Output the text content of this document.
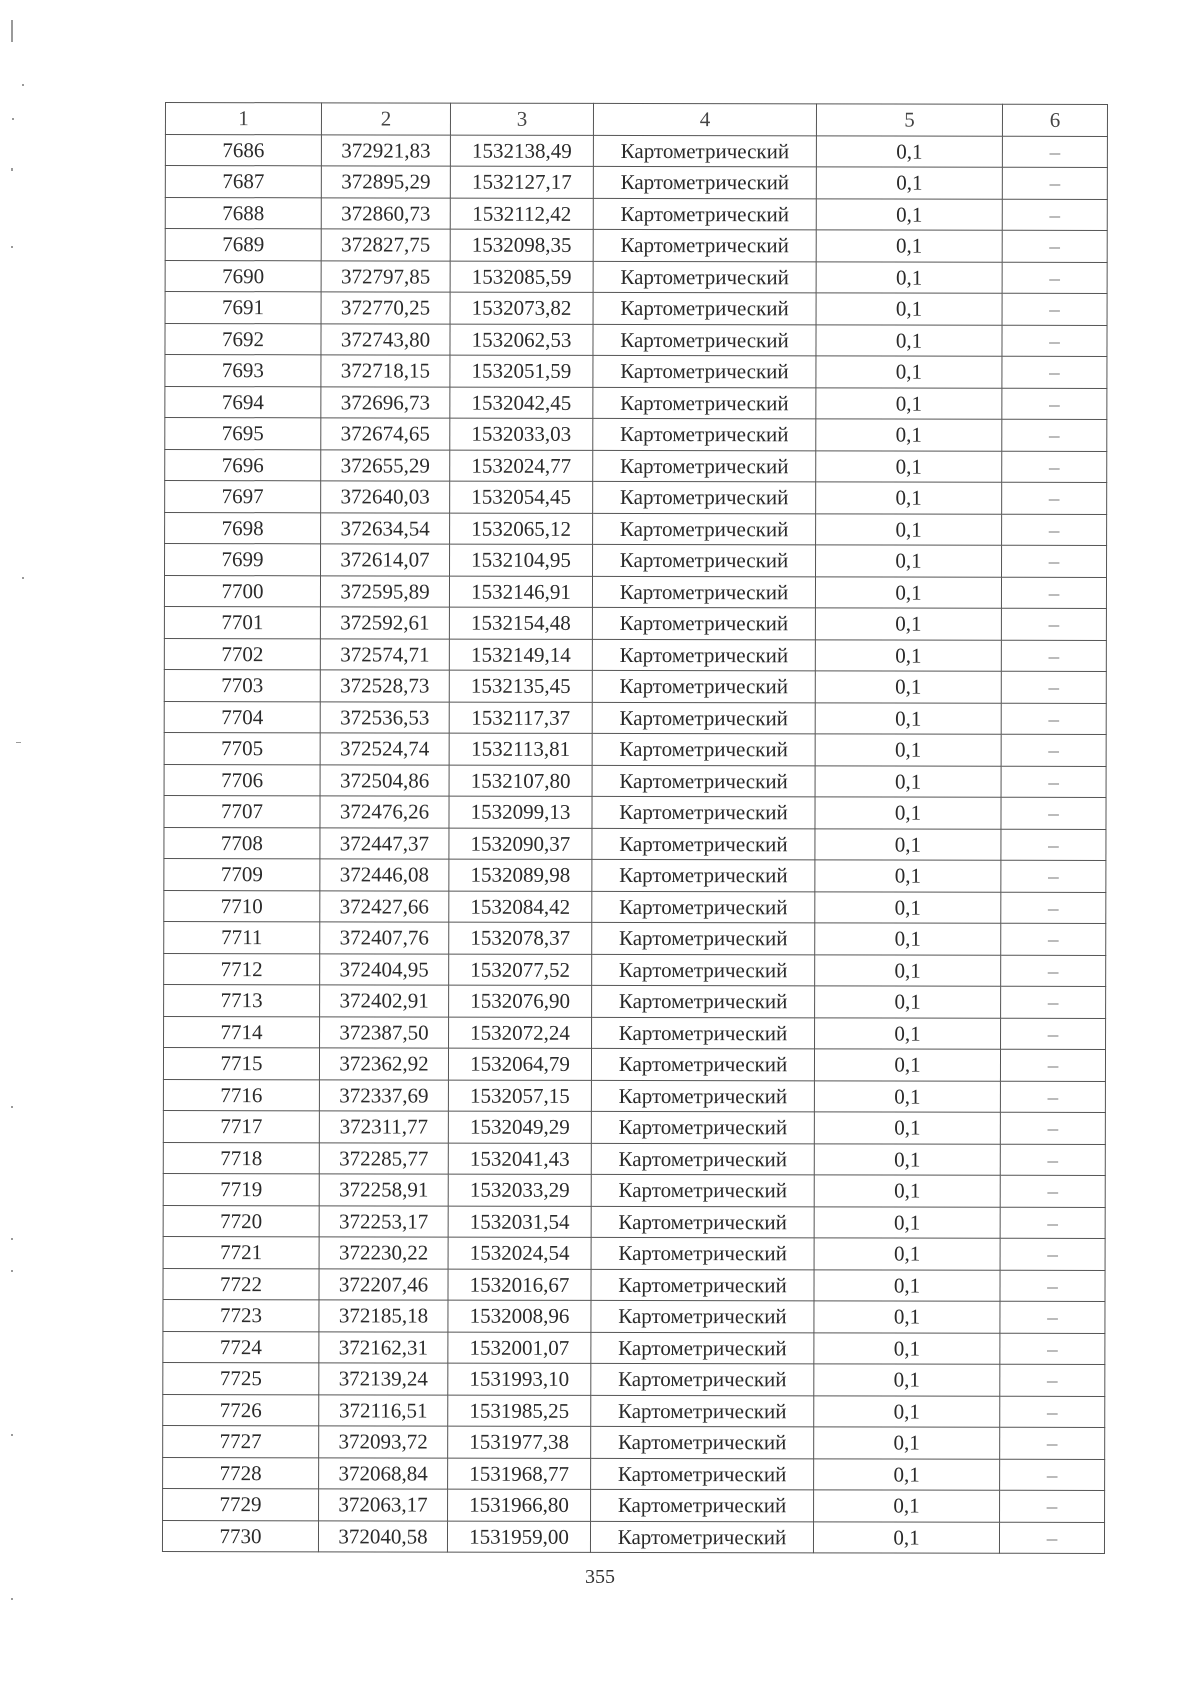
1	2	3	4	5	6
7686	372921,83	1532138,49	Картометрический	0,1	–
7687	372895,29	1532127,17	Картометрический	0,1	–
7688	372860,73	1532112,42	Картометрический	0,1	–
7689	372827,75	1532098,35	Картометрический	0,1	–
7690	372797,85	1532085,59	Картометрический	0,1	–
7691	372770,25	1532073,82	Картометрический	0,1	–
7692	372743,80	1532062,53	Картометрический	0,1	–
7693	372718,15	1532051,59	Картометрический	0,1	–
7694	372696,73	1532042,45	Картометрический	0,1	–
7695	372674,65	1532033,03	Картометрический	0,1	–
7696	372655,29	1532024,77	Картометрический	0,1	–
7697	372640,03	1532054,45	Картометрический	0,1	–
7698	372634,54	1532065,12	Картометрический	0,1	–
7699	372614,07	1532104,95	Картометрический	0,1	–
7700	372595,89	1532146,91	Картометрический	0,1	–
7701	372592,61	1532154,48	Картометрический	0,1	–
7702	372574,71	1532149,14	Картометрический	0,1	–
7703	372528,73	1532135,45	Картометрический	0,1	–
7704	372536,53	1532117,37	Картометрический	0,1	–
7705	372524,74	1532113,81	Картометрический	0,1	–
7706	372504,86	1532107,80	Картометрический	0,1	–
7707	372476,26	1532099,13	Картометрический	0,1	–
7708	372447,37	1532090,37	Картометрический	0,1	–
7709	372446,08	1532089,98	Картометрический	0,1	–
7710	372427,66	1532084,42	Картометрический	0,1	–
7711	372407,76	1532078,37	Картометрический	0,1	–
7712	372404,95	1532077,52	Картометрический	0,1	–
7713	372402,91	1532076,90	Картометрический	0,1	–
7714	372387,50	1532072,24	Картометрический	0,1	–
7715	372362,92	1532064,79	Картометрический	0,1	–
7716	372337,69	1532057,15	Картометрический	0,1	–
7717	372311,77	1532049,29	Картометрический	0,1	–
7718	372285,77	1532041,43	Картометрический	0,1	–
7719	372258,91	1532033,29	Картометрический	0,1	–
7720	372253,17	1532031,54	Картометрический	0,1	–
7721	372230,22	1532024,54	Картометрический	0,1	–
7722	372207,46	1532016,67	Картометрический	0,1	–
7723	372185,18	1532008,96	Картометрический	0,1	–
7724	372162,31	1532001,07	Картометрический	0,1	–
7725	372139,24	1531993,10	Картометрический	0,1	–
7726	372116,51	1531985,25	Картометрический	0,1	–
7727	372093,72	1531977,38	Картометрический	0,1	–
7728	372068,84	1531968,77	Картометрический	0,1	–
7729	372063,17	1531966,80	Картометрический	0,1	–
7730	372040,58	1531959,00	Картометрический	0,1	–
355
